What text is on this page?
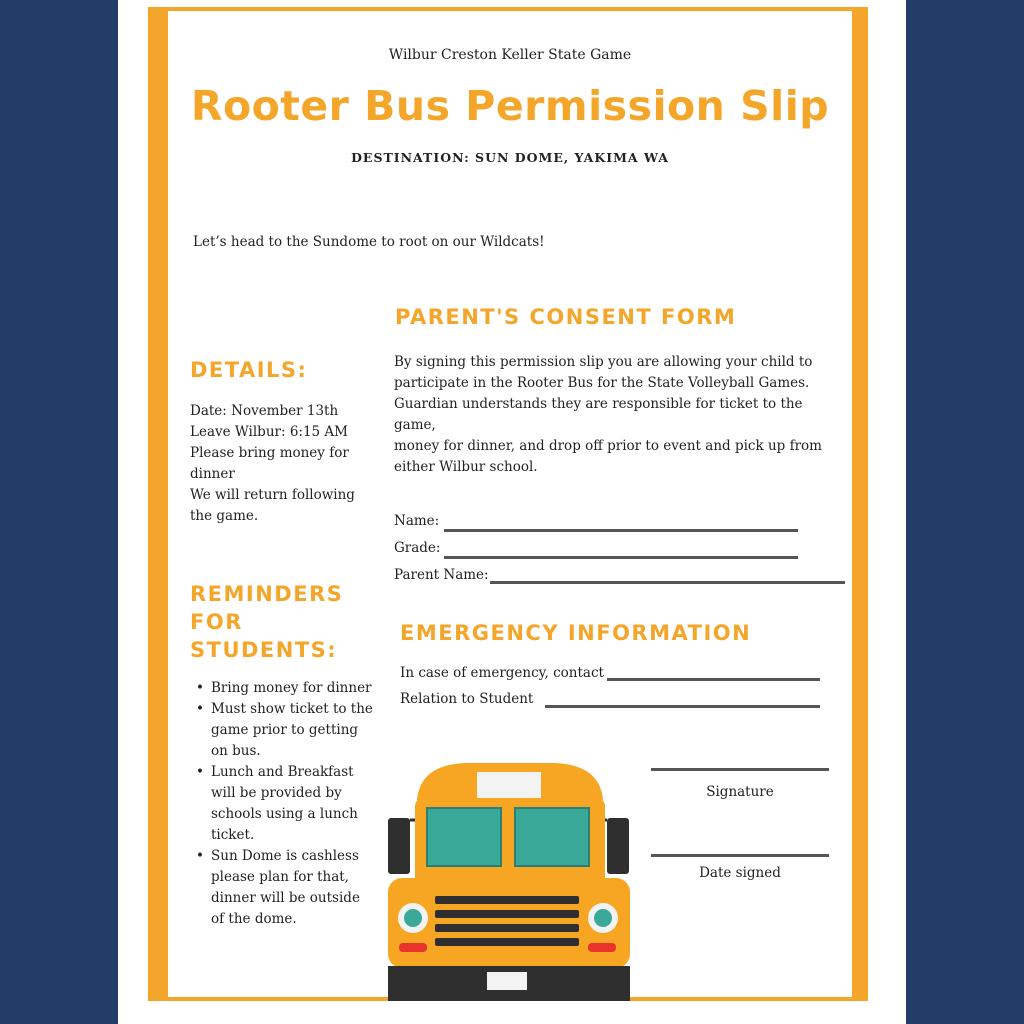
Wilbur Creston Keller State Game
Rooter Bus Permission Slip
DESTINATION: SUN DOME, YAKIMA WA
Let’s head to the Sundome to root on our Wildcats!
PARENT'S CONSENT FORM
By signing this permission slip you are allowing your child to
participate in the Rooter Bus for the State Volleyball Games.
Guardian understands they are responsible for ticket to the game,
money for dinner, and drop off prior to event and pick up from
either Wilbur school.
DETAILS:
Date: November 13th
Leave Wilbur: 6:15 AM
Please bring money for
dinner
We will return following
the game.	Name:
Grade:
Parent Name:
REMINDERS
FOR
STUDENTS:
• Bring money for dinner
• Must show ticket to the
game prior to getting
on bus.
• Lunch and Breakfast
will be provided by
schools using a lunch
ticket.
• Sun Dome is cashless
please plan for that,
dinner will be outside
of the dome.
EMERGENCY INFORMATION
In case of emergency, contact
Relation to Student
Signature
Date signed
